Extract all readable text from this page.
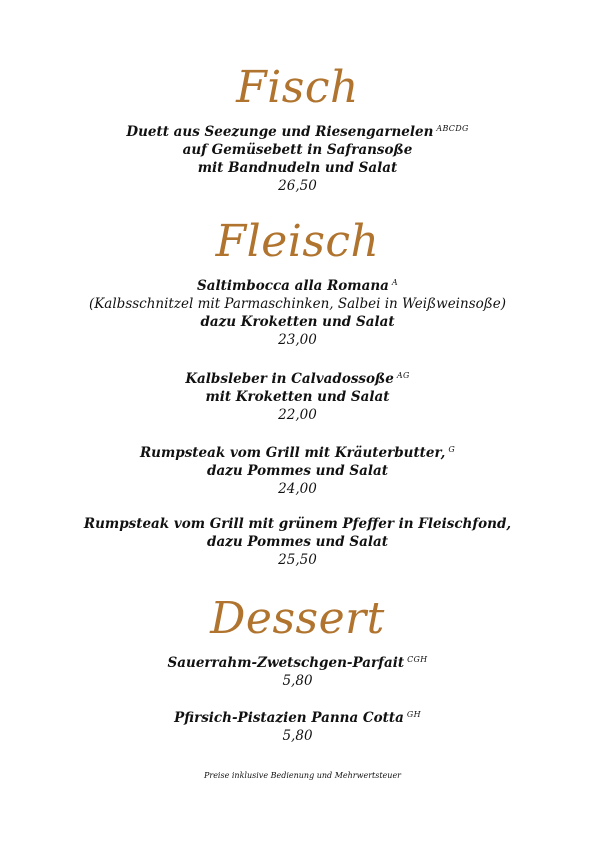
Fisch
Duett aus Seezunge und Riesengarnelen $^{ABCDG}$
auf Gemüsebett in Safransoße
mit Bandnudeln und Salat
26,50
Fleisch
Saltimbocca alla Romana $^A$
(Kalbsschnitzel mit Parmaschinken, Salbei in Weißweinsoße)
dazu Kroketten und Salat
23,00
Kalbsleber in Calvadossoße $^{AG}$
mit Kroketten und Salat
22,00
Rumpsteak vom Grill mit Kräuterbutter, $^G$
dazu Pommes und Salat
24,00
Rumpsteak vom Grill mit grünem Pfeffer in Fleischfond,
dazu Pommes und Salat
25,50
Dessert
Sauerrahm-Zwetschgen-Parfait $^{CGH}$
5,80
Pfirsich-Pistazien Panna Cotta $^{GH}$
5,80
Preise inklusive Bedienung und Mehrwertsteuer
